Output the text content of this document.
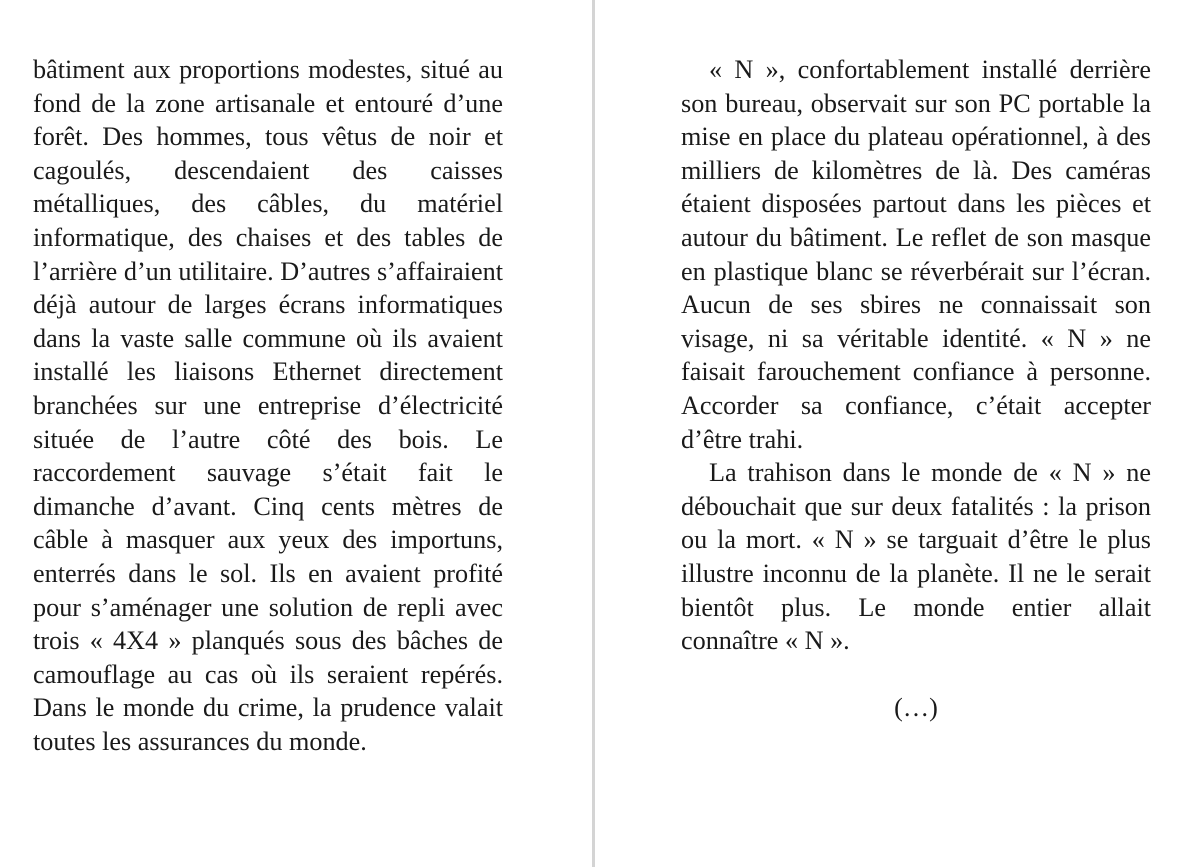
bâtiment aux proportions modestes, situé au fond de la zone artisanale et entouré d’une forêt. Des hommes, tous vêtus de noir et cagoulés, descendaient des caisses métalliques, des câbles, du matériel informatique, des chaises et des tables de l’arrière d’un utilitaire. D’autres s’affairaient déjà autour de larges écrans informatiques dans la vaste salle commune où ils avaient installé les liaisons Ethernet directement branchées sur une entreprise d’électricité située de l’autre côté des bois. Le raccordement sauvage s’était fait le dimanche d’avant. Cinq cents mètres de câble à masquer aux yeux des importuns, enterrés dans le sol. Ils en avaient profité pour s’aménager une solution de repli avec trois « 4X4 » planqués sous des bâches de camouflage au cas où ils seraient repérés. Dans le monde du crime, la prudence valait toutes les assurances du monde.

« N », confortablement installé derrière son bureau, observait sur son PC portable la mise en place du plateau opérationnel, à des milliers de kilomètres de là. Des caméras étaient disposées partout dans les pièces et autour du bâtiment. Le reflet de son masque en plastique blanc se réverbérait sur l’écran. Aucun de ses sbires ne connaissait son visage, ni sa véritable identité. « N » ne faisait farouchement confiance à personne. Accorder sa confiance, c’était accepter d’être trahi.

La trahison dans le monde de « N » ne débouchait que sur deux fatalités : la prison ou la mort. « N » se targuait d’être le plus illustre inconnu de la planète. Il ne le serait bientôt plus. Le monde entier allait connaître « N ».

(…)
